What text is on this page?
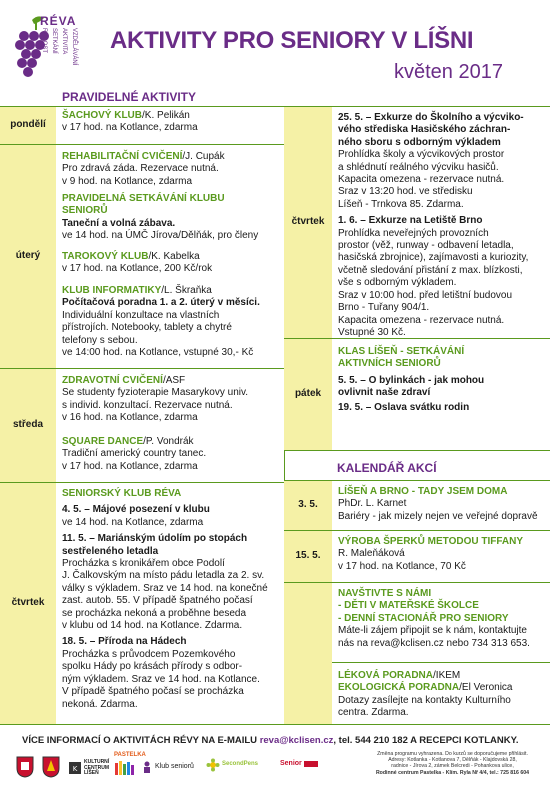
RÉVA
RADOST SETKÁNÍ AKTIVITA VZDĚLÁVÁNÍ AKTIVITY PRO SENIORY V LÍŠNI
květen 2017
PRAVIDELNÉ AKTIVITY
pondělí
úterý
středa
čtvrtek
čtvrtek
pátek
ŠACHOVÝ KLUB/K. Pelikán
v 17 hod. na Kotlance, zdarma
REHABILITAČNÍ CVIČENÍ/J. Cupák
Pro zdravá záda. Rezervace nutná.
v 9 hod. na Kotlance, zdarma
PRAVIDELNÁ SETKÁVÁNÍ KLUBU
SENIORŮ
Taneční a volná zábava.
ve 14 hod. na ÚMČ Jírova/Dělňák, pro členy
TAROKOVÝ KLUB/K. Kabelka
v 17 hod. na Kotlance, 200 Kč/rok
KLUB INFORMATIKY/L. Škraňka
Počítačová poradna 1. a 2. úterý v měsíci.
Individuální konzultace na vlastních
přístrojích. Notebooky, tablety a chytré
telefony s sebou.
ve 14:00 hod. na Kotlance, vstupné 30,- Kč
ZDRAVOTNÍ CVIČENÍ/ASF
Se studenty fyzioterapie Masarykovy univ.
s individ. konzultací. Rezervace nutná.
v 16 hod. na Kotlance, zdarma
SQUARE DANCE/P. Vondrák
Tradiční americký country tanec.
v 17 hod. na Kotlance, zdarma
SENIORSKÝ KLUB RÉVA
4. 5. – Májové posezení v klubu
ve 14 hod. na Kotlance, zdarma
11. 5. – Mariánským údolím po stopách
sestřeleného letadla
Procházka s kronikářem obce Podolí
J. Čalkovským na místo pádu letadla za 2. sv.
války s výkladem. Sraz ve 14 hod. na konečné
zast. autob. 55. V případě špatného počasí
se procházka nekoná a proběhne beseda
v klubu od 14 hod. na Kotlance. Zdarma.
18. 5. – Příroda na Hádech
Procházka s průvodcem Pozemkového
spolku Hády po krásách přírody s odbor-
ným výkladem. Sraz ve 14 hod. na Kotlance.
V případě špatného počasí se procházka
nekoná. Zdarma.
25. 5. – Exkurze do Školního a výcviko-
vého střediska Hasičského záchran-
ného sboru s odborným výkladem
Prohlídka školy a výcvikových prostor
a shlédnutí reálného výcviku hasičů.
Kapacita omezena - rezervace nutná.
Sraz v 13:20 hod. ve středisku
Líšeň - Trnkova 85. Zdarma.
1. 6. – Exkurze na Letiště Brno
Prohlídka neveřejných provozních
prostor (věž, runway - odbavení letadla,
hasičská zbrojnice), zajímavosti a kuriozity,
včetně sledování přistání z max. blízkosti,
vše s odborným výkladem.
Sraz v 10:00 hod. před letištní budovou
Brno - Tuřany 904/1.
Kapacita omezena - rezervace nutná.
Vstupné 30 Kč.
KLAS LÍŠEŇ - SETKÁVÁNÍ
AKTIVNÍCH SENIORŮ
5. 5. – O bylinkách - jak mohou
ovlivnit naše zdraví
19. 5. – Oslava svátku rodin
KALENDÁŘ AKCÍ
3. 5.
15. 5.
LÍŠEŇ A BRNO - TADY JSEM DOMA
PhDr. L. Karnet
Bariéry - jak mizely nejen ve veřejné dopravě
VÝROBA ŠPERKŮ METODOU TIFFANY
R. Maleňáková
v 17 hod. na Kotlance, 70 Kč
NAVŠTIVTE S NÁMI
- DĚTI V MATEŘSKÉ ŠKOLCE
- DENNÍ STACIONÁŘ PRO SENIORY
Máte-li zájem připojit se k nám, kontaktujte
nás na reva@kclisen.cz nebo 734 313 653.
LÉKOVÁ PORADNA/IKEM
EKOLOGICKÁ PORADNA/El Veronica
Dotazy zasílejte na kontakty Kulturního
centra. Zdarma.
VÍCE INFORMACÍ O AKTIVITÁCH RÉVY NA E-MAILU reva@kclisen.cz, tel. 544 210 182 A RECEPCI KOTLANKY.
K
KULTURNÍ CENTRUM LÍŠEŇ
PASTELKA
Klub seniorů	SecondPens	Senior
Změna programu vyhrazena. Do kurzů se doporučujeme přihlásit.
Adresy: Kotlanka - Kotlanova 7, Dělňák - Klajdovská 28,
radnice - Jírova 2, zámek Belcredi - Pohankova ulice,
Rodinné centrum Pastelka - Klím. Ryla Nř 4/4, tel.: 725 816 604
